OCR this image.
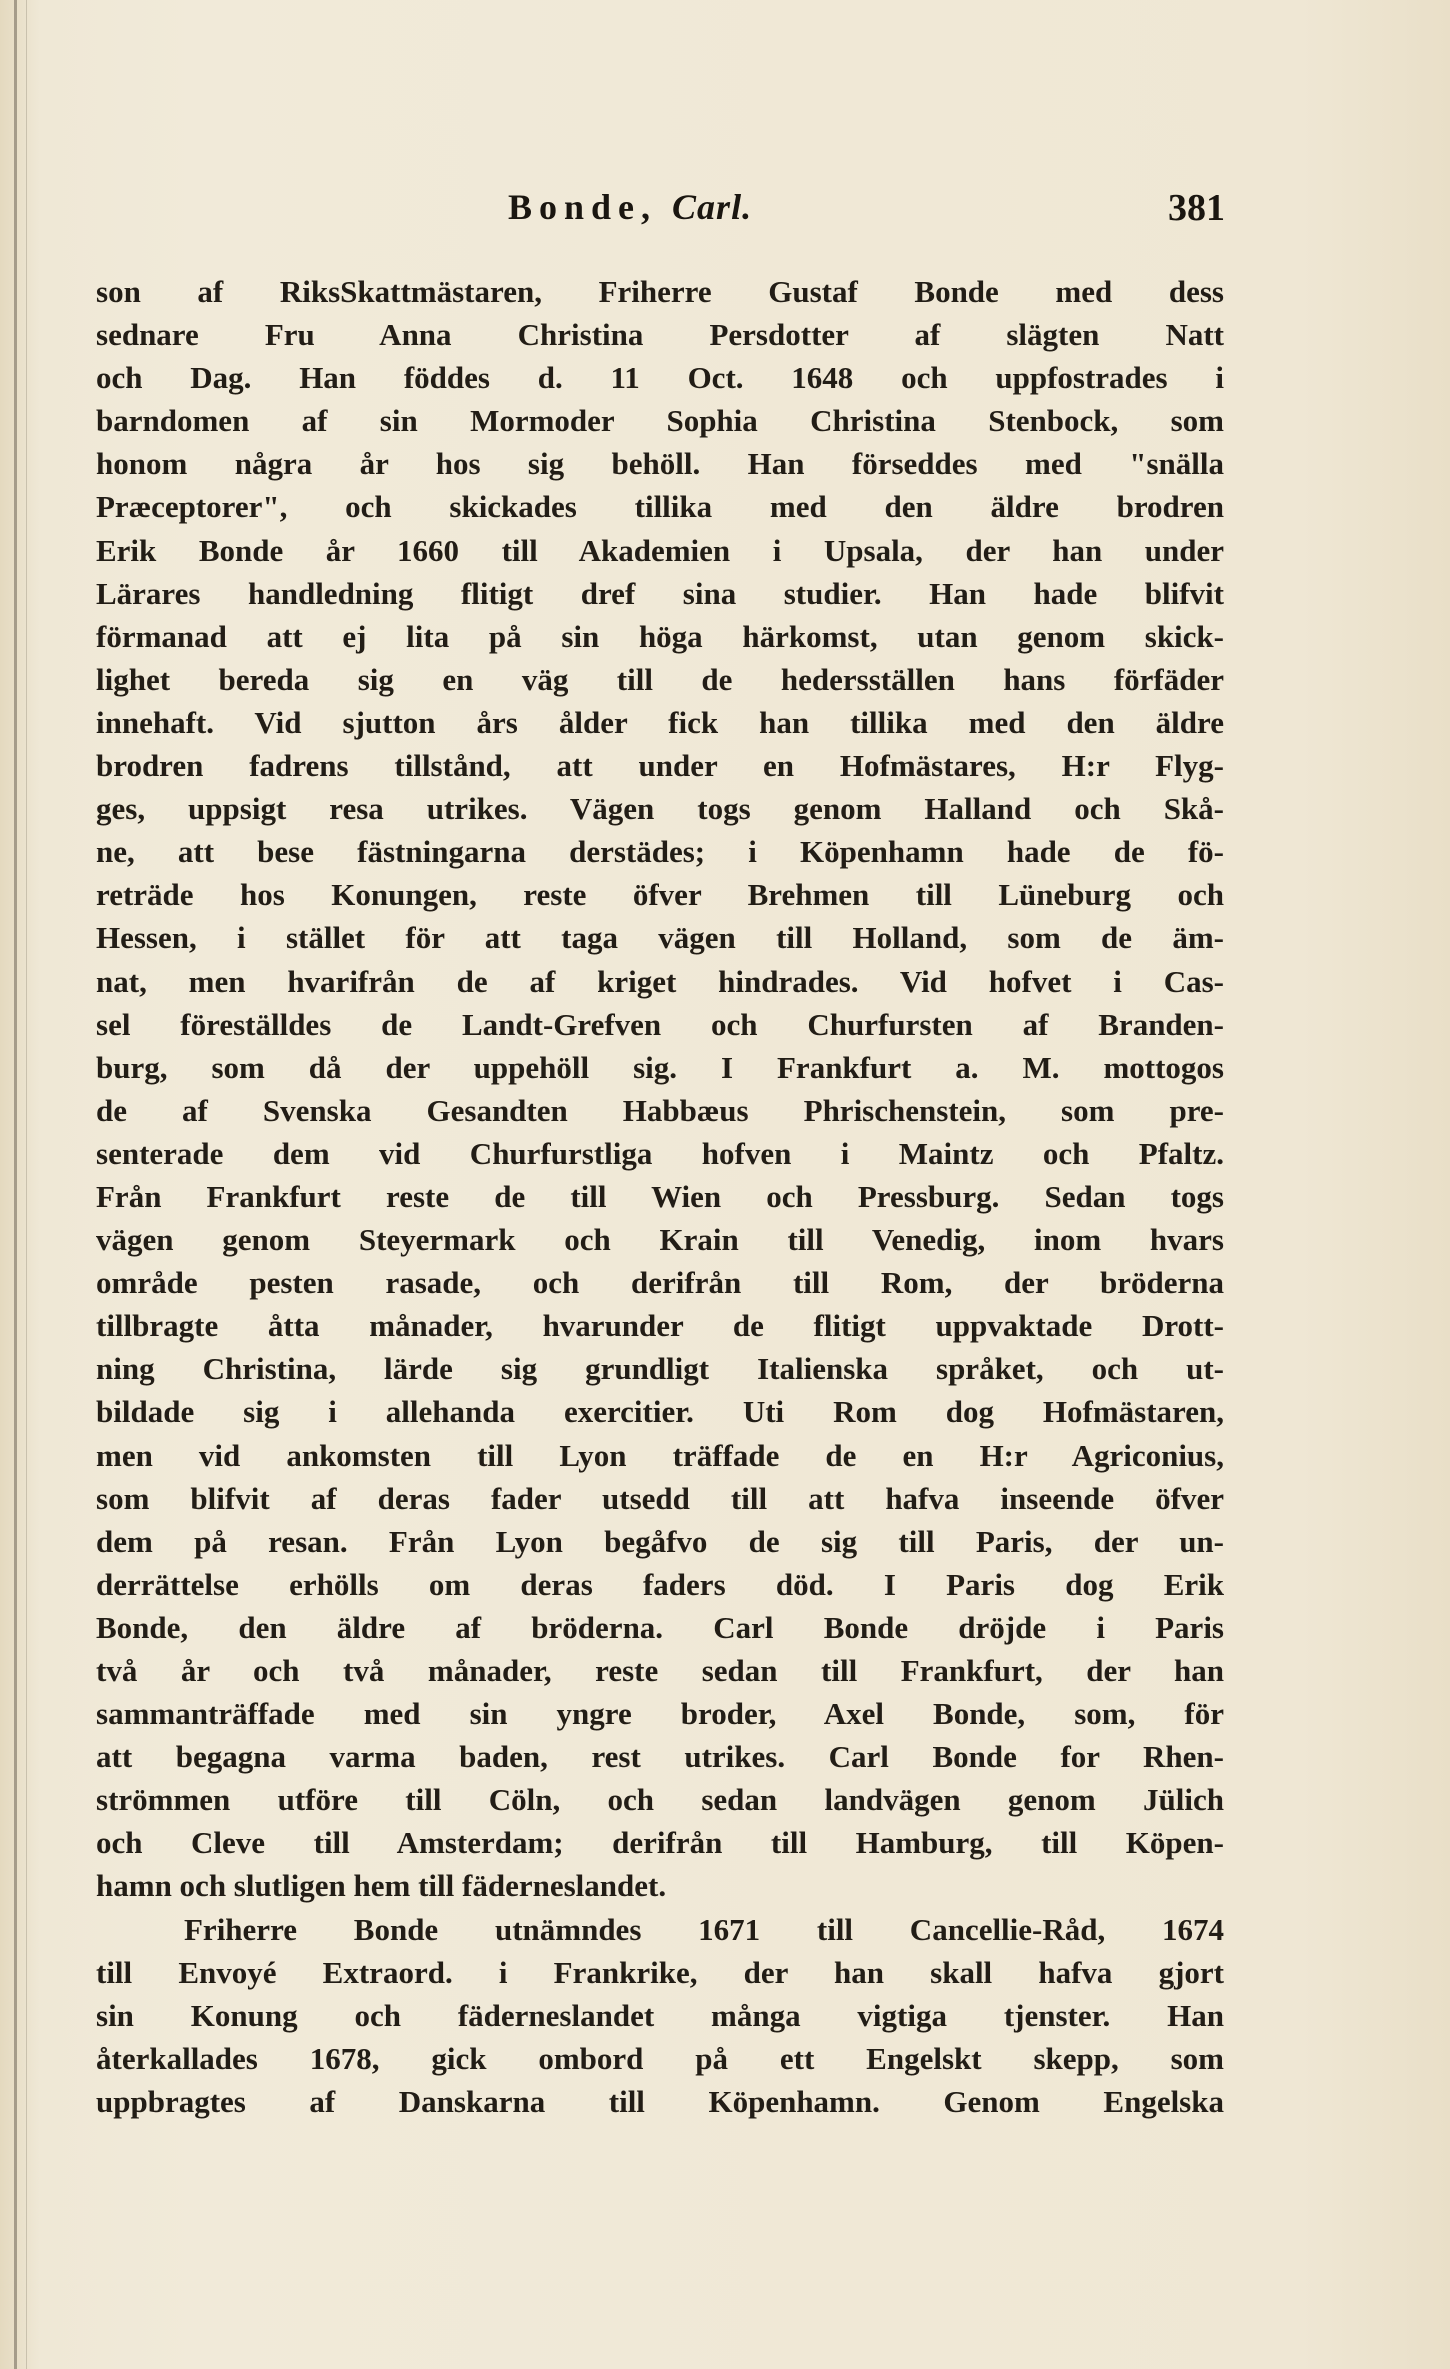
Bonde, Carl.	381
son af RiksSkattmästaren, Friherre Gustaf Bonde med dess
sednare Fru Anna Christina Persdotter af slägten Natt
och Dag. Han föddes d. 11 Oct. 1648 och uppfostrades i
barndomen af sin Mormoder Sophia Christina Stenbock, som
honom några år hos sig behöll. Han förseddes med "snälla
Præceptorer", och skickades tillika med den äldre brodren
Erik Bonde år 1660 till Akademien i Upsala, der han under
Lärares handledning flitigt dref sina studier. Han hade blifvit
förmanad att ej lita på sin höga härkomst, utan genom skick-
lighet bereda sig en väg till de hedersställen hans förfäder
innehaft. Vid sjutton års ålder fick han tillika med den äldre
brodren fadrens tillstånd, att under en Hofmästares, H:r Flyg-
ges, uppsigt resa utrikes. Vägen togs genom Halland och Skå-
ne, att bese fästningarna derstädes; i Köpenhamn hade de fö-
reträde hos Konungen, reste öfver Brehmen till Lüneburg och
Hessen, i stället för att taga vägen till Holland, som de äm-
nat, men hvarifrån de af kriget hindrades. Vid hofvet i Cas-
sel föreställdes de Landt-Grefven och Churfursten af Branden-
burg, som då der uppehöll sig. I Frankfurt a. M. mottogos
de af Svenska Gesandten Habbæus Phrischenstein, som pre-
senterade dem vid Churfurstliga hofven i Maintz och Pfaltz.
Från Frankfurt reste de till Wien och Pressburg. Sedan togs
vägen genom Steyermark och Krain till Venedig, inom hvars
område pesten rasade, och derifrån till Rom, der bröderna
tillbragte åtta månader, hvarunder de flitigt uppvaktade Drott-
ning Christina, lärde sig grundligt Italienska språket, och ut-
bildade sig i allehanda exercitier. Uti Rom dog Hofmästaren,
men vid ankomsten till Lyon träffade de en H:r Agriconius,
som blifvit af deras fader utsedd till att hafva inseende öfver
dem på resan. Från Lyon begåfvo de sig till Paris, der un-
derrättelse erhölls om deras faders död. I Paris dog Erik
Bonde, den äldre af bröderna. Carl Bonde dröjde i Paris
två år och två månader, reste sedan till Frankfurt, der han
sammanträffade med sin yngre broder, Axel Bonde, som, för
att begagna varma baden, rest utrikes. Carl Bonde for Rhen-
strömmen utföre till Cöln, och sedan landvägen genom Jülich
och Cleve till Amsterdam; derifrån till Hamburg, till Köpen-
hamn och slutligen hem till fäderneslandet.
Friherre Bonde utnämndes 1671 till Cancellie-Råd, 1674
till Envoyé Extraord. i Frankrike, der han skall hafva gjort
sin Konung och fäderneslandet många vigtiga tjenster. Han
återkallades 1678, gick ombord på ett Engelskt skepp, som
uppbragtes af Danskarna till Köpenhamn. Genom Engelska
